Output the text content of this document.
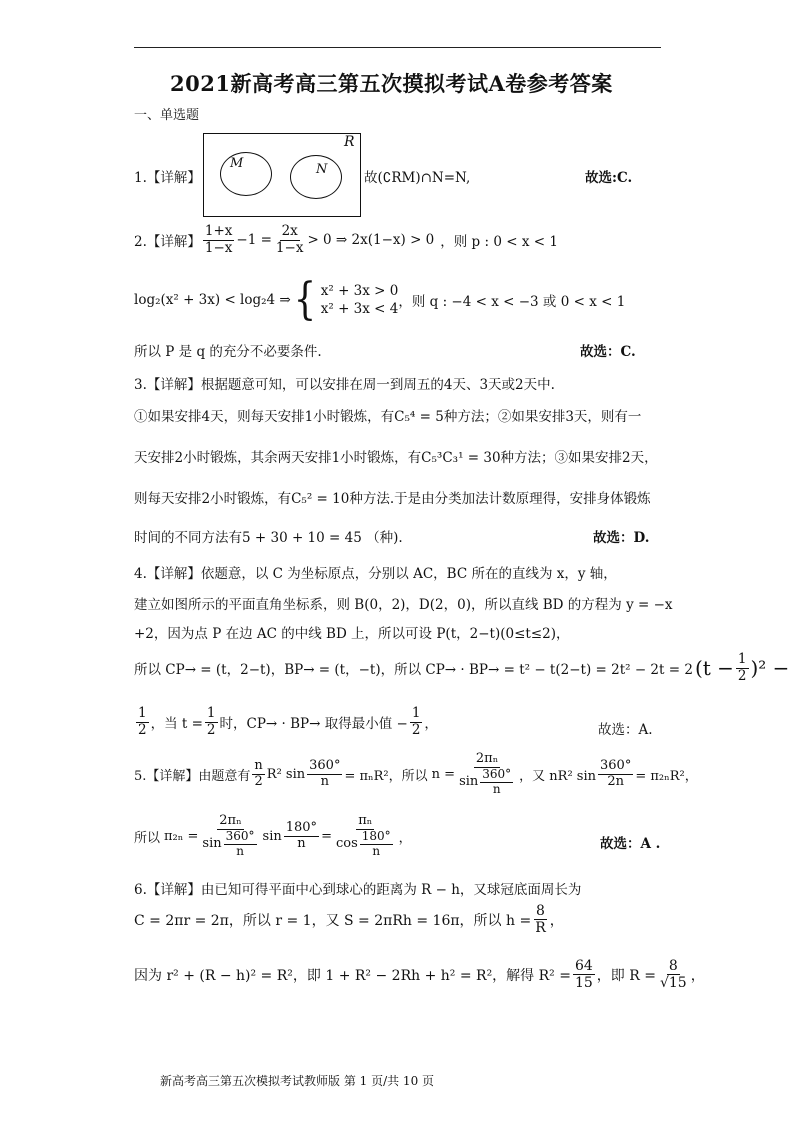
2021新高考高三第五次摸拟考试A卷参考答案
一、单选题
1.【详解】
R
M	N
故(∁RM)∩N=N,	故选:C.
2.【详解】 $\frac{1+x}{1-x} -1 = \frac{2x}{1-x} > 0$ ⇒ 2x(1−x) > 0 ，则 p : 0 < x < 1
log₂(x² + 3x) < log₂4 ⇒ { x² + 3x > 0
x² + 3x < 4 ，则 q : −4 < x < −3 或 0 < x < 1
所以 P 是 q 的充分不必要条件.	故选：C.
3.【详解】根据题意可知，可以安排在周一到周五的4天、3天或2天中.
①如果安排4天，则每天安排1小时锻炼，有C₅⁴ = 5种方法；②如果安排3天，则有一
天安排2小时锻炼，其余两天安排1小时锻炼，有C₅³C₃¹ = 30种方法；③如果安排2天，
则每天安排2小时锻炼，有C₅² = 10种方法.于是由分类加法计数原理得，安排身体锻炼
时间的不同方法有5 + 30 + 10 = 45 （种).	故选：D.
4.【详解】依题意，以 C 为坐标原点，分别以 AC，BC 所在的直线为 x，y 轴，
建立如图所示的平面直角坐标系，则 B(0，2)，D(2，0)，所以直线 BD 的方程为 y = −x
+2，因为点 P 在边 AC 的中线 BD 上，所以可设 P(t，2−t)(0≤t≤2)，
所以 CP→ = (t，2−t)，BP→ = (t，−t)，所以 CP→ · BP→ = t² − t(2−t) = 2t² − 2t = 2 $(t - \frac{1}{2} )^2$ −
$\frac{1}{2}$ ，当 $t = \frac{1}{2}$ 时，CP→ · BP→ 取得最小值 − $\frac{1}{2}$ ，	故选：A.
5.【详解】由题意有 $\frac{n}{2} R^2$ $\sin \frac{360^\circ}{n} = \pi_nR^2$，所以 $n = \frac{\text{2πₙ}}{\sin \frac{360^\circ}{n}}$ ，又 nR² $\sin \frac{360^\circ}{2n} = \pi_{2n}R^2$，
所以 $\pi_{2n} = \frac{\text{2πₙ}}{\sin \frac{360^\circ}{n}}$ $\sin \frac{180^\circ}{n} = \frac{\text{πₙ}}{\cos \frac{180^\circ}{n}}$ ，	故选：A .
6.【详解】由已知可得平面中心到球心的距离为 R − h，又球冠底面周长为
C = 2πr = 2π，所以 r = 1，又 S = 2πRh = 16π，所以 $h = \frac{8}{R}$ ，
因为 r² + (R − h)² = R²，即 1 + R² − 2Rh + h² = R²，解得 $R^2 = \frac{64}{15}$ ，即 $R = \frac{8}{√15}$ ，
新高考高三第五次模拟考试教师版 第 1 页/共 10 页
